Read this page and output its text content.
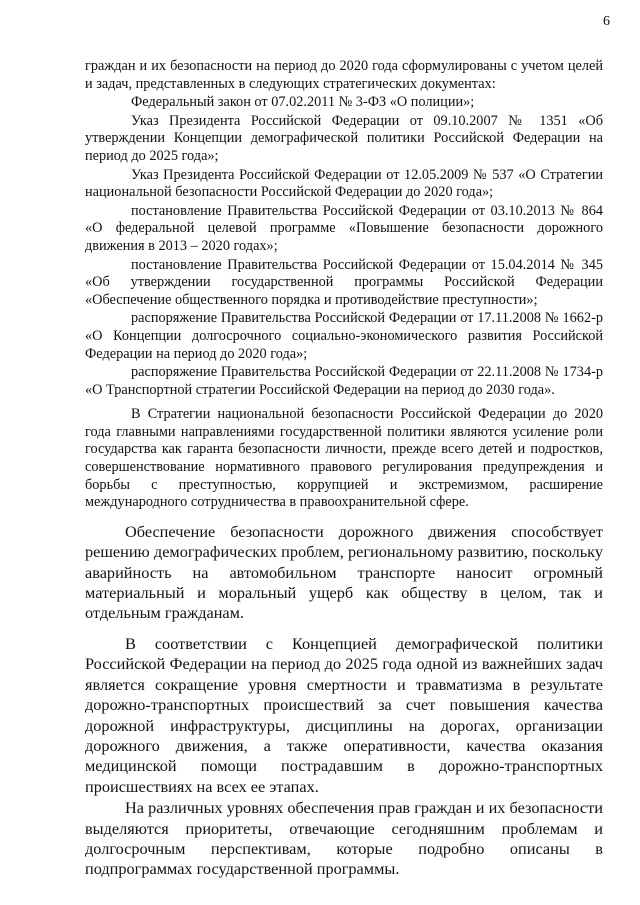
6

граждан и их безопасности на период до 2020 года сформулированы с учетом целей и задач, представленных в следующих стратегических документах:

Федеральный закон от 07.02.2011 № 3-ФЗ «О полиции»;

Указ Президента Российской Федерации от 09.10.2007 № 1351 «Об утверждении Концепции демографической политики Российской Федерации на период до 2025 года»;

Указ Президента Российской Федерации от 12.05.2009 № 537 «О Стратегии национальной безопасности Российской Федерации до 2020 года»;

постановление Правительства Российской Федерации от 03.10.2013 № 864 «О федеральной целевой программе «Повышение безопасности дорожного движения в 2013 – 2020 годах»;

постановление Правительства Российской Федерации от 15.04.2014 № 345 «Об утверждении государственной программы Российской Федерации «Обеспечение общественного порядка и противодействие преступности»;

распоряжение Правительства Российской Федерации от 17.11.2008 № 1662-р «О Концепции долгосрочного социально-экономического развития Российской Федерации на период до 2020 года»;

распоряжение Правительства Российской Федерации от 22.11.2008 № 1734-р «О Транспортной стратегии Российской Федерации на период до 2030 года».

В Стратегии национальной безопасности Российской Федерации до 2020 года главными направлениями государственной политики являются усиление роли государства как гаранта безопасности личности, прежде всего детей и подростков, совершенствование нормативного правового регулирования предупреждения и борьбы с преступностью, коррупцией и экстремизмом, расширение международного сотрудничества в правоохранительной сфере.

Обеспечение безопасности дорожного движения способствует решению демографических проблем, региональному развитию, поскольку аварийность на автомобильном транспорте наносит огромный материальный и моральный ущерб как обществу в целом, так и отдельным гражданам.

В соответствии с Концепцией демографической политики Российской Федерации на период до 2025 года одной из важнейших задач является сокращение уровня смертности и травматизма в результате дорожно-транспортных происшествий за счет повышения качества дорожной инфраструктуры, дисциплины на дорогах, организации дорожного движения, а также оперативности, качества оказания медицинской помощи пострадавшим в дорожно-транспортных происшествиях на всех ее этапах.

На различных уровнях обеспечения прав граждан и их безопасности выделяются приоритеты, отвечающие сегодняшним проблемам и долгосрочным перспективам, которые подробно описаны в подпрограммах государственной программы.
